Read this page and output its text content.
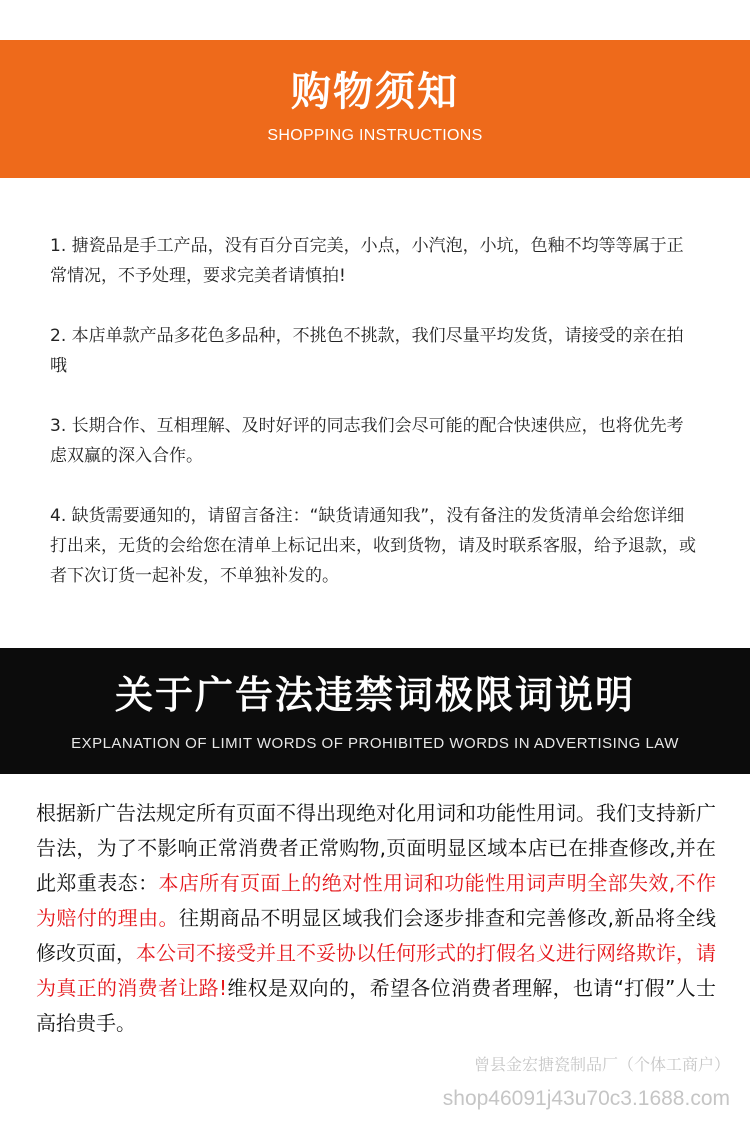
购物须知
SHOPPING INSTRUCTIONS

1. 搪瓷品是手工产品，没有百分百完美，小点，小汽泡，小坑，色釉不均等等属于正常情况，不予处理，要求完美者请慎拍!

2. 本店单款产品多花色多品种，不挑色不挑款，我们尽量平均发货，请接受的亲在拍哦

3. 长期合作、互相理解、及时好评的同志我们会尽可能的配合快速供应，也将优先考虑双赢的深入合作。

4. 缺货需要通知的，请留言备注：“缺货请通知我”，没有备注的发货清单会给您详细打出来，无货的会给您在清单上标记出来，收到货物，请及时联系客服，给予退款，或者下次订货一起补发，不单独补发的。

关于广告法违禁词极限词说明
EXPLANATION OF LIMIT WORDS OF PROHIBITED WORDS IN ADVERTISING LAW
根据新广告法规定所有页面不得出现绝对化用词和功能性用词。我们支持新广告法，为了不影响正常消费者正常购物,页面明显区域本店已在排查修改,并在此郑重表态：本店所有页面上的绝对性用词和功能性用词声明全部失效,不作为赔付的理由。往期商品不明显区域我们会逐步排查和完善修改,新品将全线修改页面，本公司不接受并且不妥协以任何形式的打假名义进行网络欺诈，请为真正的消费者让路!维权是双向的，希望各位消费者理解，也请“打假”人士高抬贵手。
曾县金宏搪瓷制品厂（个体工商户）
shop46091j43u70c3.1688.com
